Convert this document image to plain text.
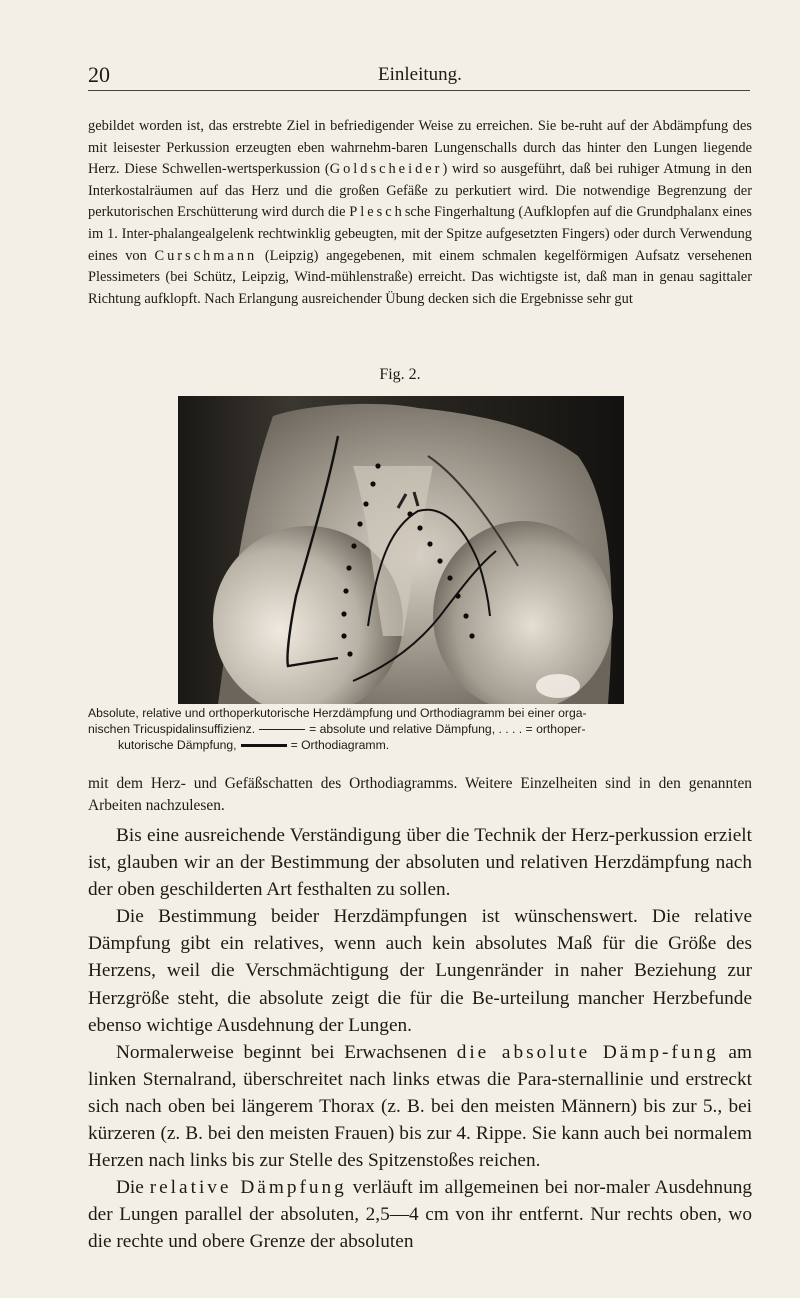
20	Einleitung.

gebildet worden ist, das erstrebte Ziel in befriedigender Weise zu erreichen. Sie be-ruht auf der Abdämpfung des mit leisester Perkussion erzeugten eben wahrnehm-baren Lungenschalls durch das hinter den Lungen liegende Herz. Diese Schwellen-wertsperkussion (Goldscheider) wird so ausgeführt, daß bei ruhiger Atmung in den Interkostalräumen auf das Herz und die großen Gefäße zu perkutiert wird. Die notwendige Begrenzung der perkutorischen Erschütterung wird durch die Pleschsche Fingerhaltung (Aufklopfen auf die Grundphalanx eines im 1. Inter-phalangealgelenk rechtwinklig gebeugten, mit der Spitze aufgesetzten Fingers) oder durch Verwendung eines von Curschmann (Leipzig) angegebenen, mit einem schmalen kegelförmigen Aufsatz versehenen Plessimeters (bei Schütz, Leipzig, Wind-mühlenstraße) erreicht. Das wichtigste ist, daß man in genau sagittaler Richtung aufklopft. Nach Erlangung ausreichender Übung decken sich die Ergebnisse sehr gut

Fig. 2.
Absolute, relative und orthoperkutorische Herzdämpfung und Orthodiagramm bei einer orga-
nischen Tricuspidalinsuffizienz.	= absolute und relative Dämpfung, . . . . = orthoper-
kutorische Dämpfung,	= Orthodiagramm.
mit dem Herz- und Gefäßschatten des Orthodiagramms. Weitere Einzelheiten sind in den genannten Arbeiten nachzulesen.

Bis eine ausreichende Verständigung über die Technik der Herz-perkussion erzielt ist, glauben wir an der Bestimmung der absoluten und relativen Herzdämpfung nach der oben geschilderten Art festhalten zu sollen.

Die Bestimmung beider Herzdämpfungen ist wünschenswert. Die relative Dämpfung gibt ein relatives, wenn auch kein absolutes Maß für die Größe des Herzens, weil die Verschmächtigung der Lungenränder in naher Beziehung zur Herzgröße steht, die absolute zeigt die für die Be-urteilung mancher Herzbefunde ebenso wichtige Ausdehnung der Lungen.

Normalerweise beginnt bei Erwachsenen die absolute Dämp-fung am linken Sternalrand, überschreitet nach links etwas die Para-sternallinie und erstreckt sich nach oben bei längerem Thorax (z. B. bei den meisten Männern) bis zur 5., bei kürzeren (z. B. bei den meisten Frauen) bis zur 4. Rippe. Sie kann auch bei normalem Herzen nach links bis zur Stelle des Spitzenstoßes reichen.

Die relative Dämpfung verläuft im allgemeinen bei nor-maler Ausdehnung der Lungen parallel der absoluten, 2,5—4 cm von ihr entfernt. Nur rechts oben, wo die rechte und obere Grenze der absoluten
